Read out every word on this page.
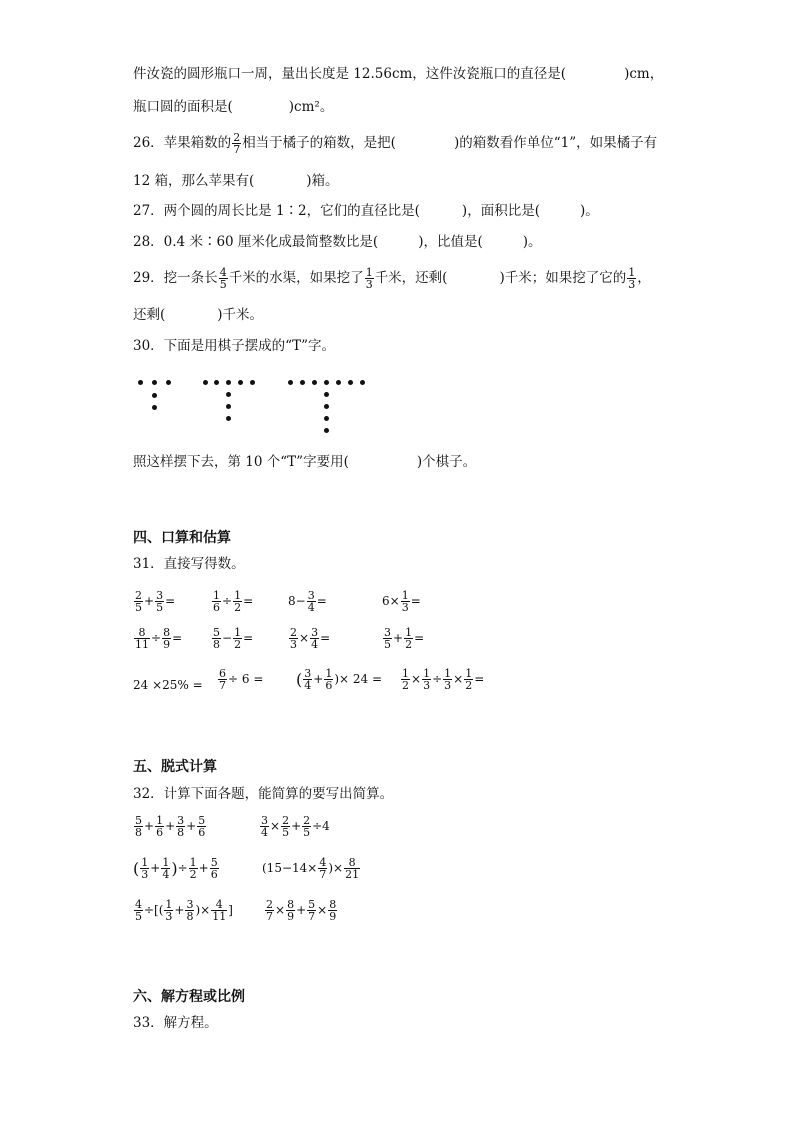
件汝瓷的圆形瓶口一周，量出长度是 12.56cm，这件汝瓷瓶口的直径是(	)cm，
瓶口圆的面积是(	)cm²。
26．苹果箱数的 $\frac{2}{7}$ 相当于橘子的箱数，是把(	)的箱数看作单位“1”，如果橘子有
12 箱，那么苹果有(	)箱。
27．两个圆的周长比是 1∶2，它们的直径比是(	)，面积比是(	)。
28．0.4 米∶60 厘米化成最简整数比是(	)，比值是(	)。
29．挖一条长 $\frac{4}{5}$ 千米的水渠，如果挖了 $\frac{1}{3}$ 千米，还剩(	)千米；如果挖了它的 $\frac{1}{3}$ ，
还剩(	)千米。
30．下面是用棋子摆成的“T”字。
照这样摆下去，第 10 个“T”字要用(	)个棋子。
四、口算和估算
31．直接写得数。
$\frac{2}{5} + \frac{3}{5}$ =	$\frac{1}{6} \div \frac{1}{2}$ =	$8- \frac{3}{4}$ =	$6\times \frac{1}{3}$ =
$\frac{8}{11} \div \frac{8}{9}$ =	$\frac{5}{8} - \frac{1}{2}$ =	$\frac{2}{3} \times \frac{3}{4}$ =	$\frac{3}{5} + \frac{1}{2}$ =
$24 \times 25\% = \frac{6}{7} \div 6$ = ( $\frac{3}{4} + \frac{1}{6}$ )× $24 = \frac{1}{2} \times \frac{1}{3} \div \frac{1}{3} \times \frac{1}{2}$ =
五、脱式计算
32．计算下面各题，能简算的要写出简算。
$\frac{5}{8} + \frac{1}{6} + \frac{3}{8} + \frac{5}{6}$	$\frac{3}{4} \times \frac{2}{5} + \frac{2}{5} \div 4$
( $\frac{1}{3} + \frac{1}{4}$ )÷ $\frac{1}{2} + \frac{5}{6}$	($15-14\times \frac{4}{7}$ )× $\frac{8}{21}$
$\frac{4}{5}$ ÷[( $\frac{1}{3} + \frac{3}{8}$ )× $\frac{4}{11}$ ]	$\frac{2}{7} \times \frac{8}{9} + \frac{5}{7} \times \frac{8}{9}$
六、解方程或比例
33．解方程。
